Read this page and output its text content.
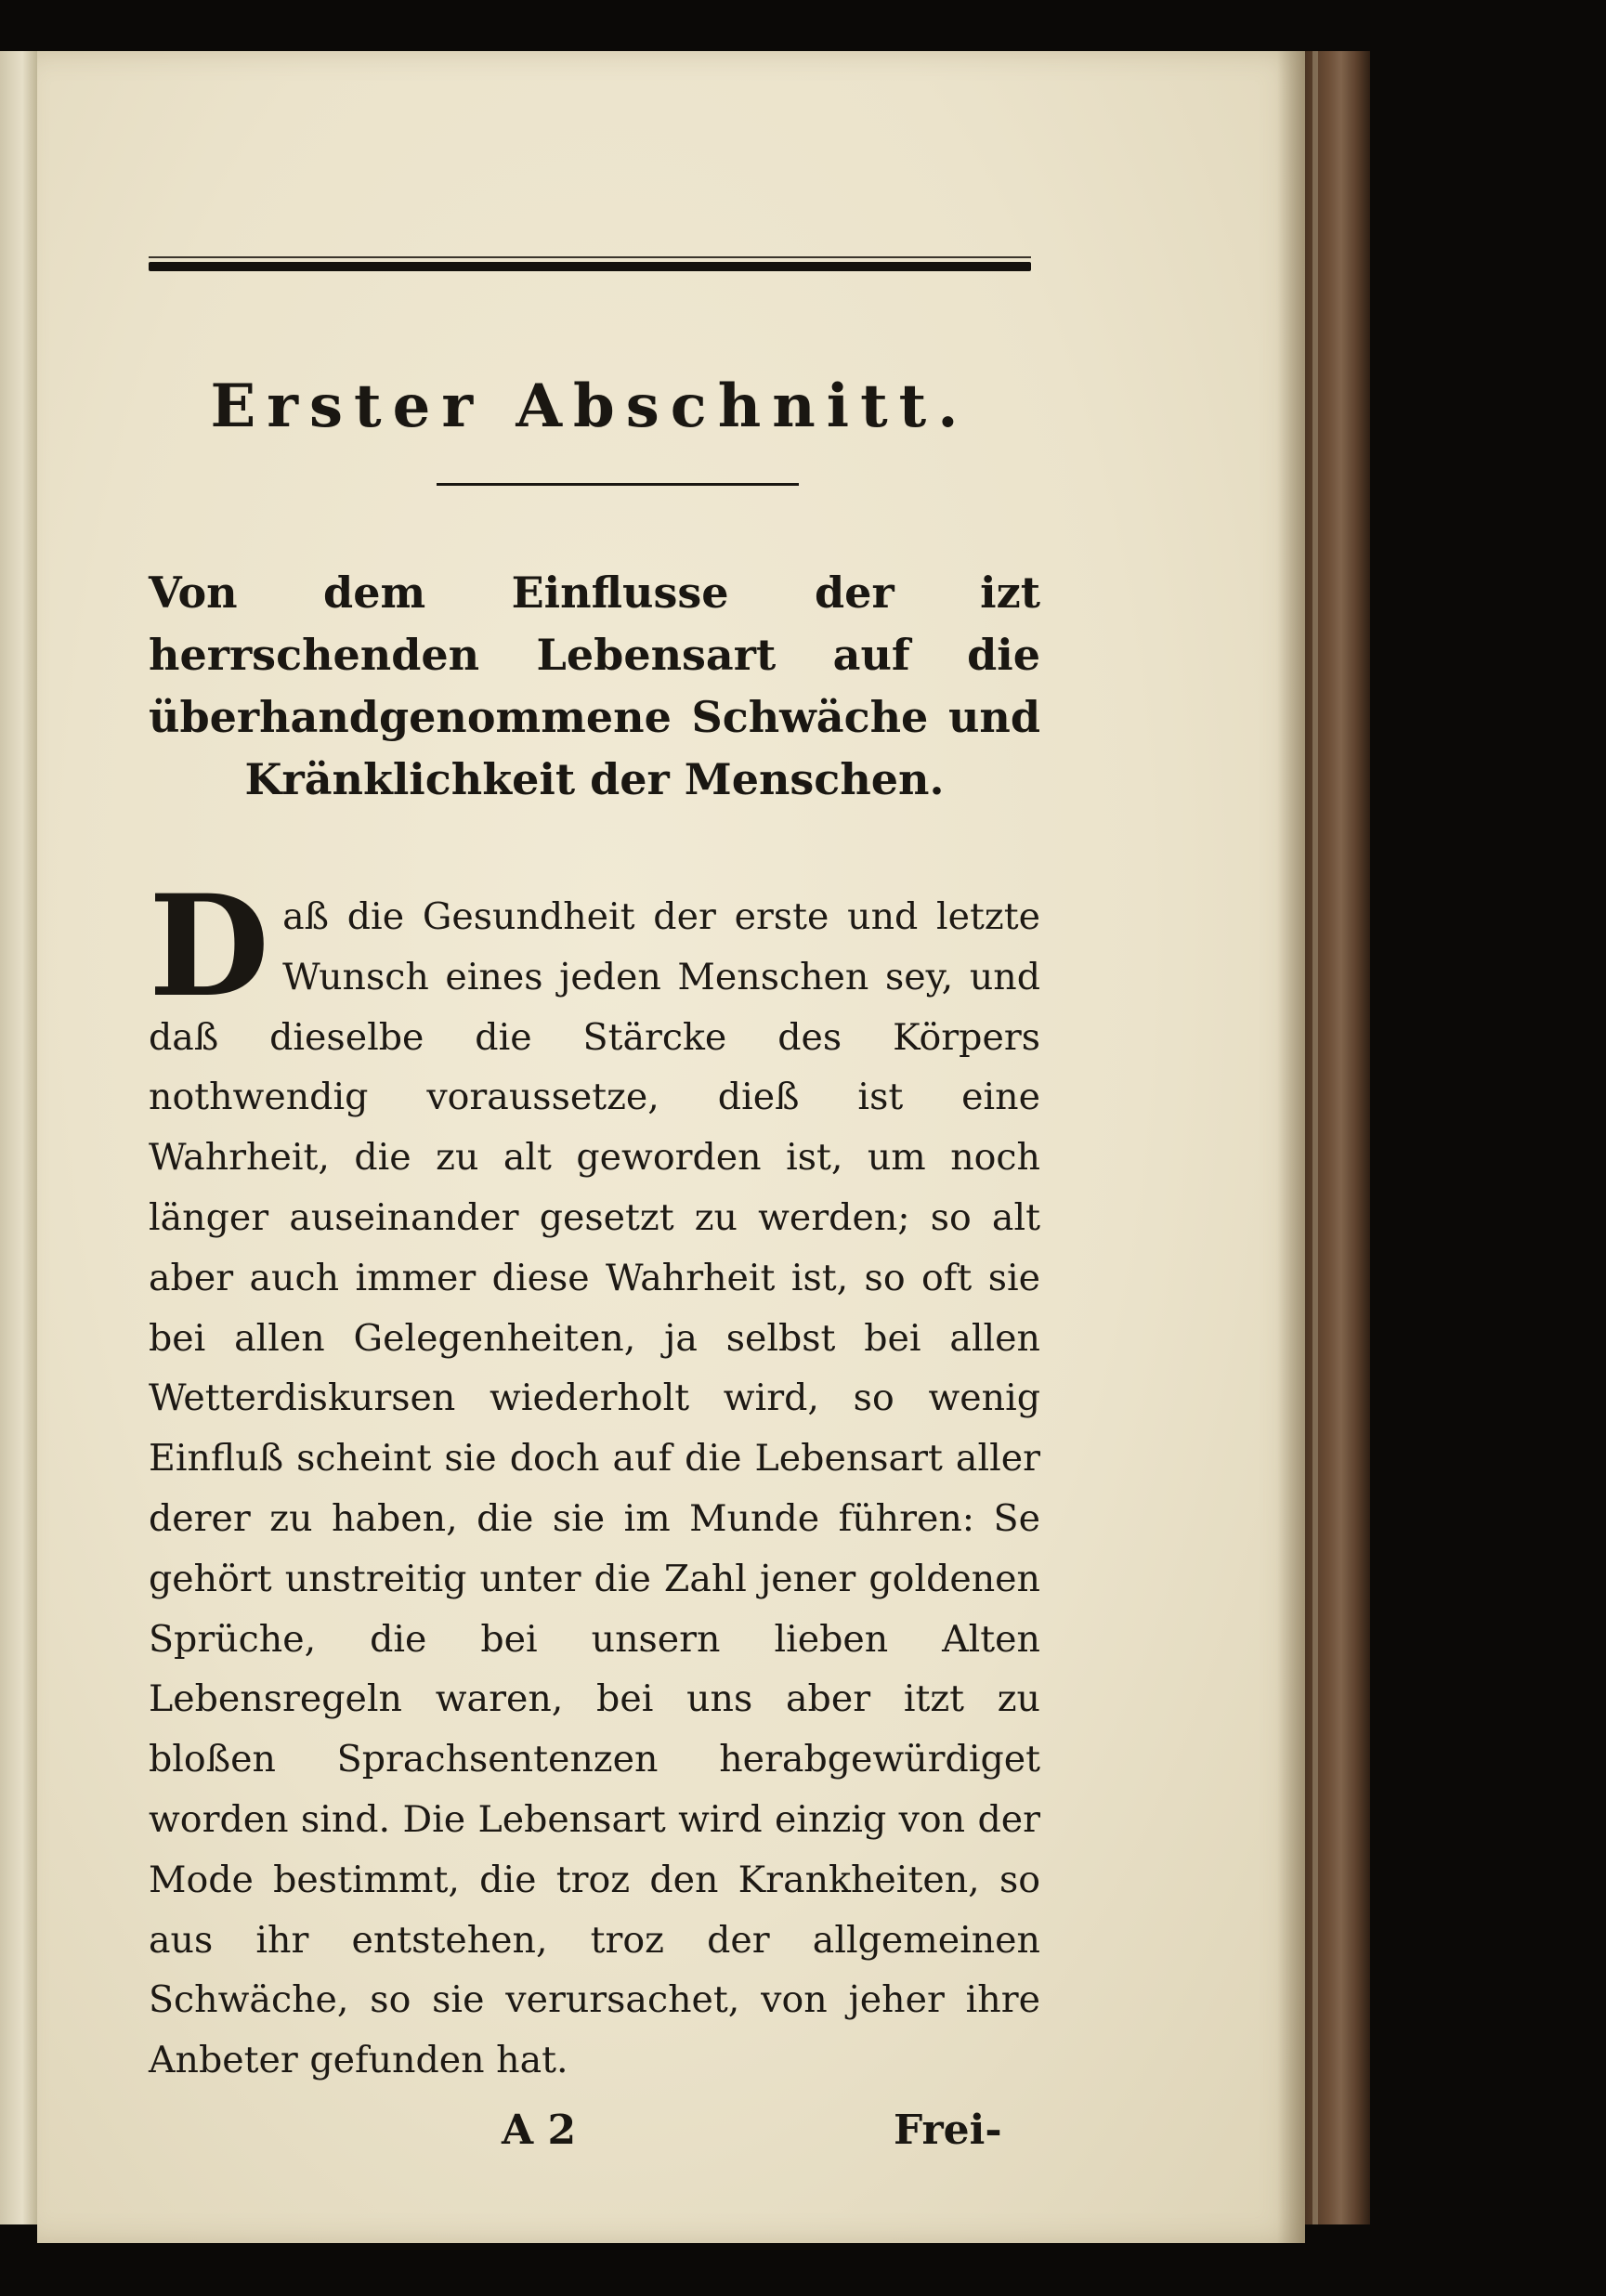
Erster Abschnitt.
Von dem Einflusse der izt herrschenden Lebensart auf die überhandgenommene Schwäche und Kränklichkeit der Menschen.
Daß die Gesundheit der erste und letzte Wunsch eines jeden Menschen sey, und daß dieselbe die Stärcke des Körpers nothwendig voraussetze, dieß ist eine Wahrheit, die zu alt geworden ist, um noch länger auseinander gesetzt zu werden; so alt aber auch immer diese Wahrheit ist, so oft sie bei allen Gelegenheiten, ja selbst bei allen Wetterdiskursen wiederholt wird, so wenig Einfluß scheint sie doch auf die Lebensart aller derer zu haben, die sie im Munde führen: Se gehört unstreitig unter die Zahl jener goldenen Sprüche, die bei unsern lieben Alten Lebensregeln waren, bei uns aber itzt zu bloßen Sprachsentenzen herabgewürdiget worden sind. Die Lebensart wird einzig von der Mode bestimmt, die troz den Krankheiten, so aus ihr entstehen, troz der allgemeinen Schwäche, so sie verursachet, von jeher ihre Anbeter gefunden hat.
A 2	Frei-
